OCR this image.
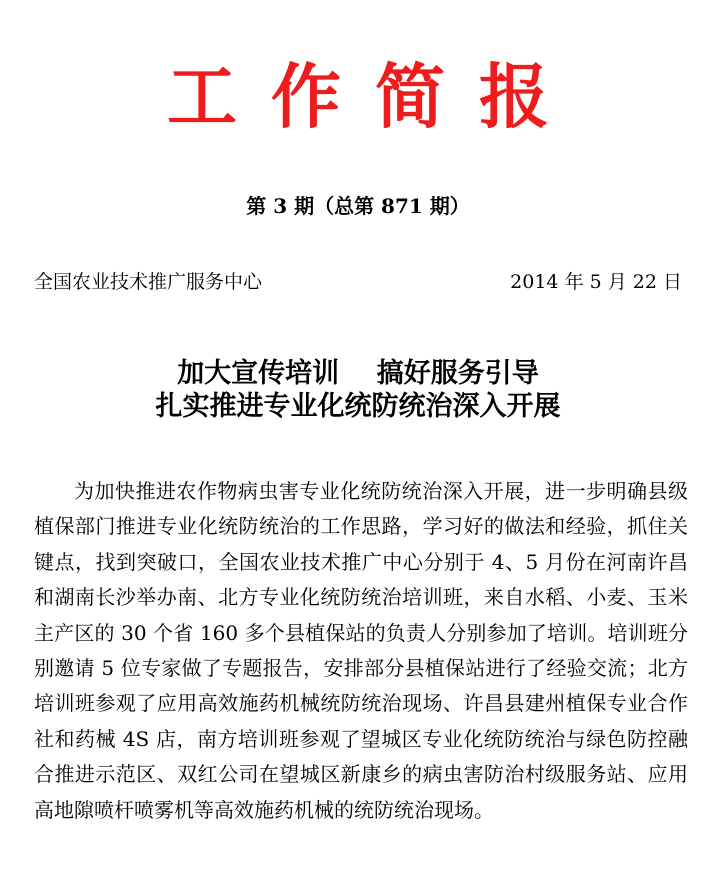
工作简报
第 3 期（总第 871 期）
全国农业技术推广服务中心	2014 年 5 月 22 日
加大宣传培训    搞好服务引导
扎实推进专业化统防统治深入开展

为加快推进农作物病虫害专业化统防统治深入开展，进一步明确县级植保部门推进专业化统防统治的工作思路，学习好的做法和经验，抓住关键点，找到突破口，全国农业技术推广中心分别于 4、5 月份在河南许昌和湖南长沙举办南、北方专业化统防统治培训班，来自水稻、小麦、玉米主产区的 30 个省 160 多个县植保站的负责人分别参加了培训。培训班分别邀请 5 位专家做了专题报告，安排部分县植保站进行了经验交流；北方培训班参观了应用高效施药机械统防统治现场、许昌县建州植保专业合作社和药械 4S 店，南方培训班参观了望城区专业化统防统治与绿色防控融合推进示范区、双红公司在望城区新康乡的病虫害防治村级服务站、应用高地隙喷杆喷雾机等高效施药机械的统防统治现场。
